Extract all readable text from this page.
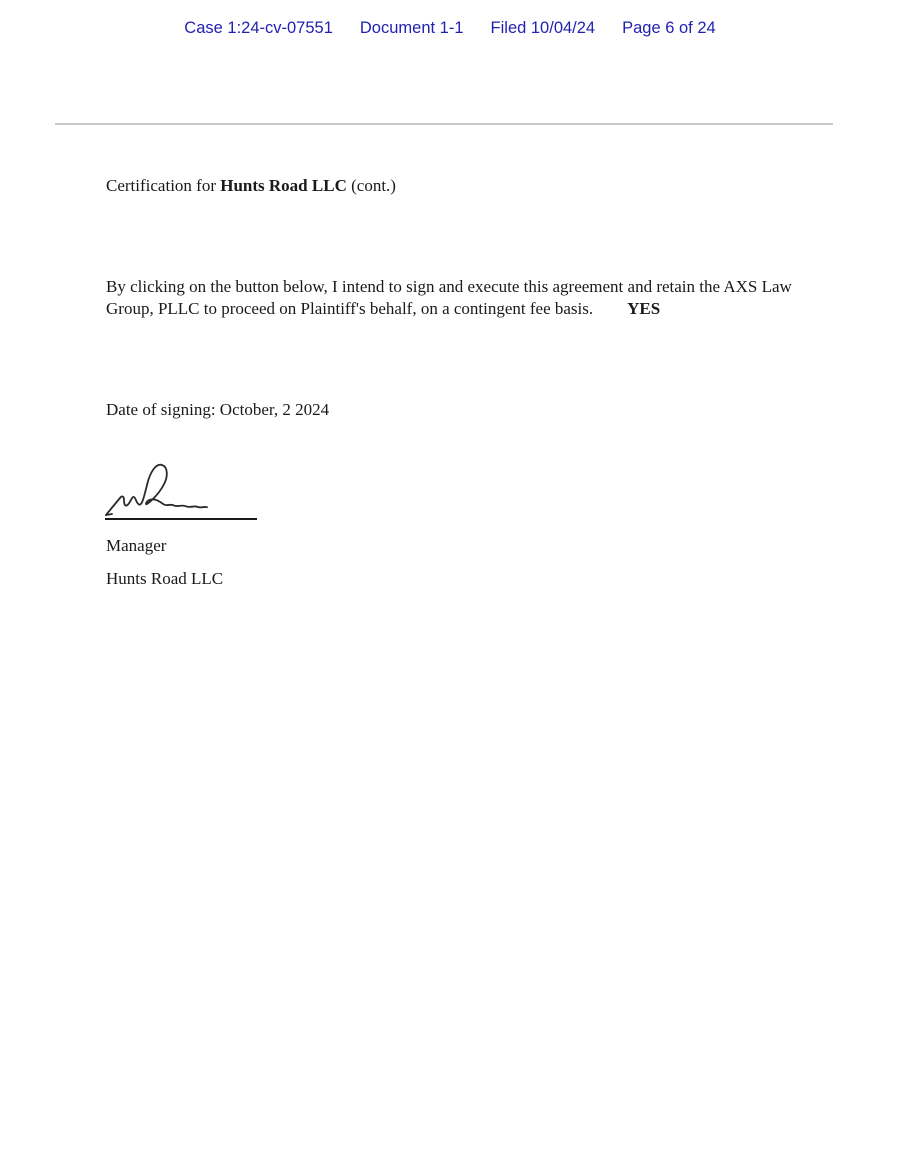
Case 1:24-cv-07551 Document 1-1 Filed 10/04/24 Page 6 of 24
Certification for Hunts Road LLC (cont.)
By clicking on the button below, I intend to sign and execute this agreement and retain the AXS Law Group, PLLC to proceed on Plaintiff's behalf, on a contingent fee basis. YES
Date of signing: October, 2 2024
Manager
Hunts Road LLC
